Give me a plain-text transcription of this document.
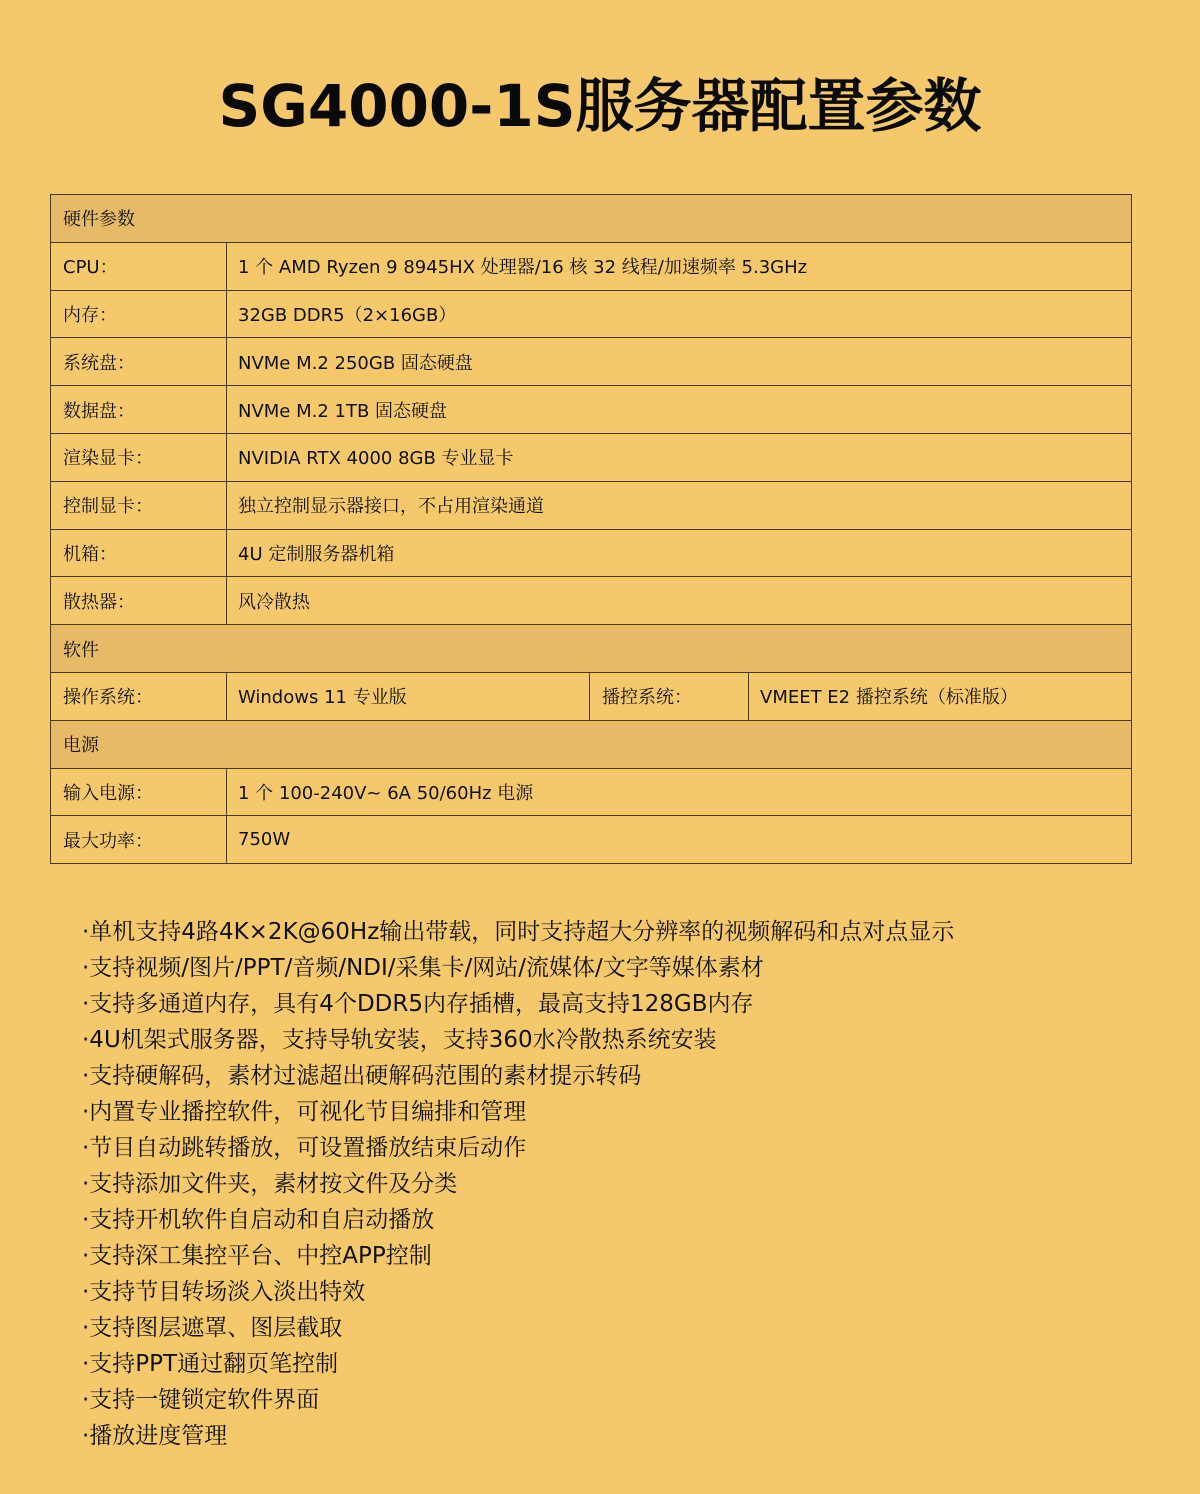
SG4000-1S服务器配置参数
硬件参数			
CPU：	1 个 AMD Ryzen 9 8945HX 处理器/16 核 32 线程/加速频率 5.3GHz		
内存：	32GB DDR5（2×16GB）		
系统盘：	NVMe M.2 250GB 固态硬盘		
数据盘：	NVMe M.2 1TB 固态硬盘		
渲染显卡：	NVIDIA RTX 4000 8GB 专业显卡		
控制显卡：	独立控制显示器接口，不占用渲染通道		
机箱：	4U 定制服务器机箱		
散热器：	风冷散热		
软件			
操作系统：	Windows 11 专业版	播控系统：	VMEET E2 播控系统（标准版）
电源			
输入电源：	1 个 100-240V~ 6A 50/60Hz 电源		
最大功率：	750W		
·单机支持4路4K×2K@60Hz输出带载，同时支持超大分辨率的视频解码和点对点显示
·支持视频/图片/PPT/音频/NDI/采集卡/网站/流媒体/文字等媒体素材
·支持多通道内存，具有4个DDR5内存插槽，最高支持128GB内存
·4U机架式服务器，支持导轨安装，支持360水冷散热系统安装
·支持硬解码，素材过滤超出硬解码范围的素材提示转码
·内置专业播控软件，可视化节目编排和管理
·节目自动跳转播放，可设置播放结束后动作
·支持添加文件夹，素材按文件及分类
·支持开机软件自启动和自启动播放
·支持深工集控平台、中控APP控制
·支持节目转场淡入淡出特效
·支持图层遮罩、图层截取
·支持PPT通过翻页笔控制
·支持一键锁定软件界面
·播放进度管理
